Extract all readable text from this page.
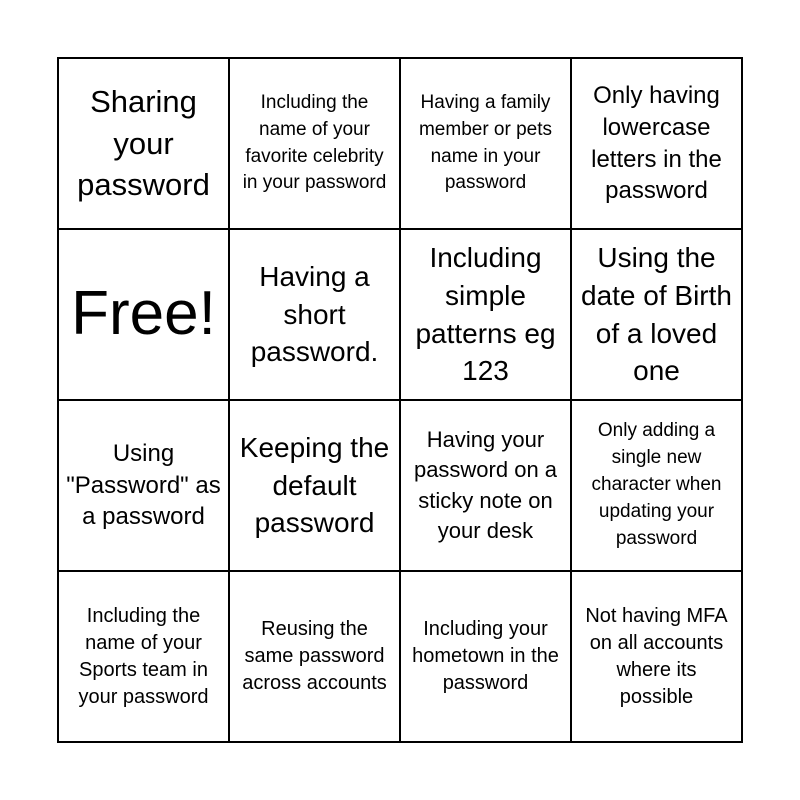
Sharing your password
Including the name of your favorite celebrity in your password
Having a family member or pets name in your password
Only having lowercase letters in the password
Free!
Having a short password.
Including simple patterns eg 123
Using the date of Birth of a loved one
Using "Password" as a password
Keeping the default password
Having your password on a sticky note on your desk
Only adding a single new character when updating your password
Including the name of your Sports team in your password
Reusing the same password across accounts
Including your hometown in the password
Not having MFA on all accounts where its possible
